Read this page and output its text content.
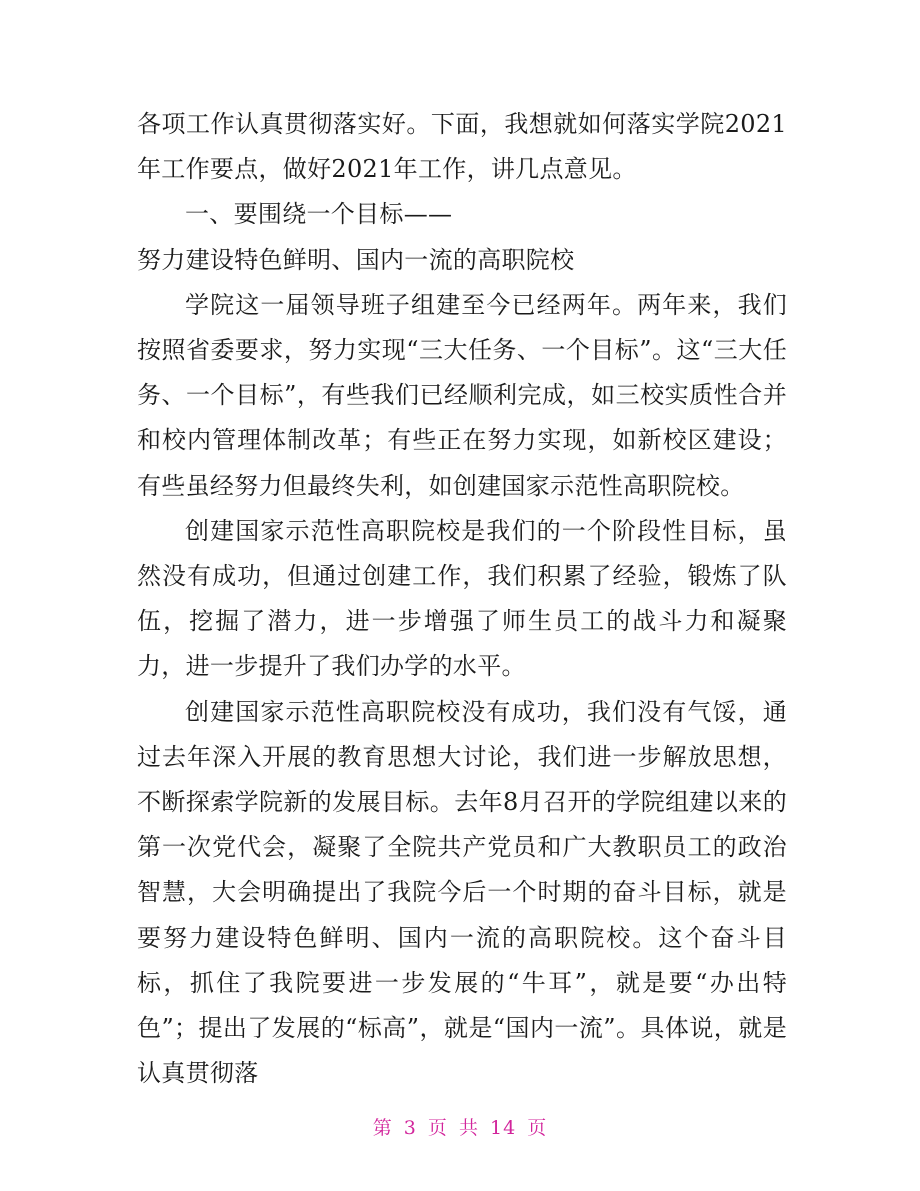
各项工作认真贯彻落实好。下面，我想就如何落实学院2021年工作要点，做好2021年工作，讲几点意见。

一、要围绕一个目标——

努力建设特色鲜明、国内一流的高职院校

学院这一届领导班子组建至今已经两年。两年来，我们按照省委要求，努力实现“三大任务、一个目标”。这“三大任务、一个目标”，有些我们已经顺利完成，如三校实质性合并和校内管理体制改革；有些正在努力实现，如新校区建设；有些虽经努力但最终失利，如创建国家示范性高职院校。

创建国家示范性高职院校是我们的一个阶段性目标，虽然没有成功，但通过创建工作，我们积累了经验，锻炼了队伍，挖掘了潜力，进一步增强了师生员工的战斗力和凝聚力，进一步提升了我们办学的水平。

创建国家示范性高职院校没有成功，我们没有气馁，通过去年深入开展的教育思想大讨论，我们进一步解放思想，不断探索学院新的发展目标。去年8月召开的学院组建以来的第一次党代会，凝聚了全院共产党员和广大教职员工的政治智慧，大会明确提出了我院今后一个时期的奋斗目标，就是要努力建设特色鲜明、国内一流的高职院校。这个奋斗目标，抓住了我院要进一步发展的“牛耳”，就是要“办出特色”；提出了发展的“标高”，就是“国内一流”。具体说，就是认真贯彻落

第 3 页 共 14 页
